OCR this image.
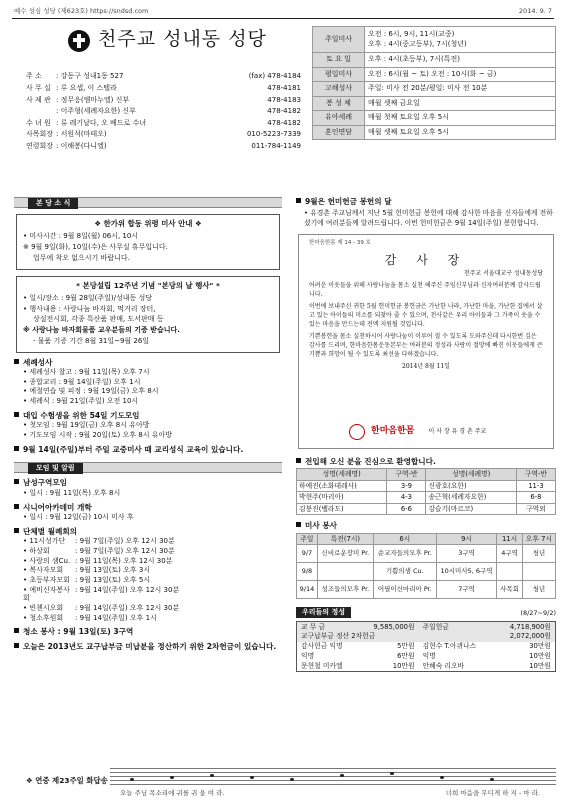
예수 성심 성당 (제623호) https://sndsd.com	2014. 9. 7
천주교 성내동 성당
주 소	: 강동구 성내1동 527	(fax) 478-4184
사 무 실 : 루 요셉, 이 스텔라	478-4181
사 제 관 : 정무응(엠마누엘) 신부	478-4183
: 이주형(세례자요한) 신부	478-4182
수 녀 원 : 류 레기날다, 오 베드로 수녀	478-4182
사목회장 : 서원석(마테오)	010-5223-7339
연령회장 : 이해봉(다니엘)	011-784-1149
주일미사	오전 : 6시, 9시, 11시(교중)
오후 : 4시(중고등부), 7시(청년)

토 요 일	오후 : 4시(초등부), 7시(특전)
평일미사	오전 : 6시(월 ~ 토) 오전 : 10시(화 ~ 금)
고해성사	주일: 미사 전 20분/평일: 미사 전 10분
봉 성 체	매월 셋째 금요일
유아세례	매월 첫째 토요일 오후 5시
혼인면담	매월 셋째 토요일 오후 5시
본 당 소 식
❖ 한가위 합동 위령 미사 안내 ❖
• 미사시간 : 9월 8일(월) 06시, 10시
※ 9월 9일(화), 10일(수)은 사무실 휴무입니다.
업무에 착오 없으시기 바랍니다.
* 본당설립 12주년 기념 "본당의 날 행사" *
• 일시/장소 : 9월 28일(주일)/성내동 성당
• 행사내용 : 사랑나눔 바자회, 먹거리 장터,
상설전시회, 각종 특산품 판매, 도서판매 등
※ 사랑나눔 바자회물품 교우분들의 기증 받습니다.
- 물품 기증 기간 8월 31일~9월 26일
세례성사
• 세례성사 찰고 : 9월 11일(목) 오후 7시
• 종합교리 : 9월 14일(주일) 오후 1시
• 예절연습 및 피정 : 9월 19일(금) 오후 8시
• 세례식 : 9월 21일(주일) 오전 10시
대입 수험생을 위한 54일 기도모임
• 첫모임 : 9월 19일(금) 오후 8시 유아방
• 기도모임 시작 : 9월 20일(토) 오후 8시 유아방
9월 14일(주일)부터 주일 교중미사 때 교리성식 교육이 있습니다.
모임 및 알림
남성구역모임
• 일시 : 9월 11일(목) 오후 8시
시니어아카데미 개학
• 일시 : 9월 12일(금) 10시 미사 후
단체별 월례회의
• 11시성가단	: 9월 7일(주일) 오후 12시 30분
• 하상회	: 9월 7일(주일) 오후 12시 30분
• 사랑의 샘Cu. : 9월 11일(목) 오후 12시 30분
• 복사자모회	: 9월 13일(토) 오후 3시
• 초등부자모회 : 9월 13일(토) 오후 5시
• 예비신자봉사회
: 9월 14일(주일) 오후 12시 30분
• 빈첸시오회	: 9월 14일(주일) 오후 12시 30분
• 청소후원회	: 9월 14일(주일) 오후 1시
청소 봉사 : 9월 13일(토) 3구역
오늘은 2013년도 교구납부금 미납분을 정산하기 위한 2차헌금이 있습니다.
9월은 헌미헌금 봉헌의 달
• 유경촌 주교님께서 지난 5월 헌미헌금 봉헌에 대해 감사한 마음을 신자들에게 전하셨기에 여러분들께 알려드립니다. 이번 헌미헌금은 9월 14일(주일) 봉헌합니다.
한마음한몸 제 14 - 39 호
감 사 장
천주교 서울대교구 성내동성당
어려운 이웃들을 위해 사랑나눔을 몸소 실천 해주신 주임신부님과 신자여러분께 감사드립니다.
이번에 보내주신 귀한 5월 헌미헌금 봉헌금은 가난한 나라, 가난한 마을, 가난한 집에서 살고 있는 아이들의 미소를 되찾아 줄 수 있으며, 천사같은 우리 아이들과 그 가족이 웃을 수 있는 마음을 만드는데 전액 지원될 것입니다.
기쁜봉헌을 몸소 실천하시어 사랑나눔이 이루어 질 수 있도록 도와주신데 다시한번 깊은 감사를 드리며, 한마음한몸운동본부는 여러분의 정성과 사랑이 절망에 빠진 이웃들에게 큰 기쁨과 희망이 될 수 있도록 최선을 다하겠습니다.
2014년 8월 11일
한마음한몸 이 사 장 유 경 촌 주교
전입해 오신 분을 진심으로 환영합니다.
성명(세례명)	구역-반	성명(세례명)	구역-반
하예진(소화데레사)	3-9	신광호(요한)	11-3
박현주(마리아)	4-3	송근혁(세례자요한)	6-8
김붕진(벨라도)	6-6	강슬기(마르코)	구역외
미사 봉사
주일	특전(7시)	6시	9시	11시	오후 7시
9/7	신비로운장미 Pr.	순교자들의모후 Pr.	3구역	4구역	청년
9/8		기쁨의샘 Cu.	10시미사5, 6구역		
9/14	성조들의모후 Pr.	어필이신마리아 Pr.	7구역	사목회	청년
우리들의 정성	(8/27~9/2)
교 무 금	9,585,000원	주일헌금	4,718,900원
교구납부금 정산 2차헌금			2,072,000원
감사헌금 익명	5만원	김현수 T.아퀴나스	30만원
익명	6만원	익명	10만원
문현철 미카엘	10만원	안혜숙 리오바	10만원
❖ 연중 제23주일 화답송
오늘 주님 목소리에 귀를 귀 울 여 라.	너희 마음을 무디게 하 지 - 마 라.
